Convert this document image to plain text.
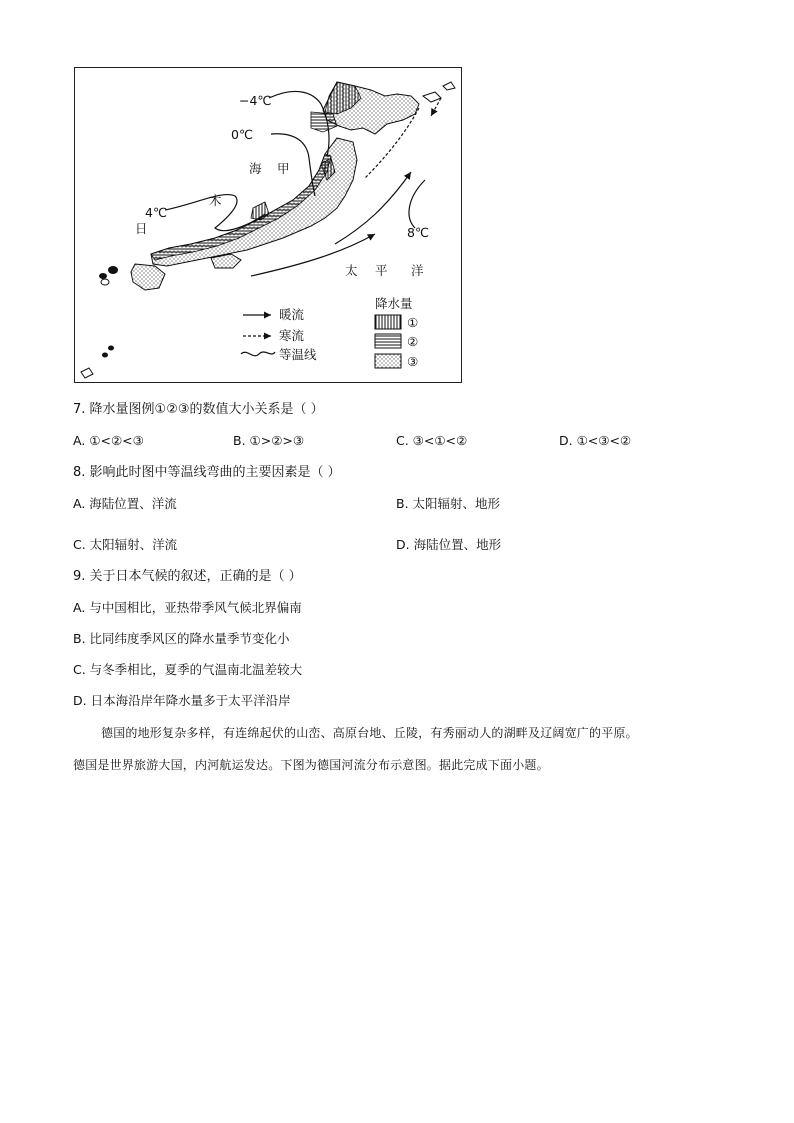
−4℃
0℃
4℃
8℃
海 甲
木
日
太 平 洋
暖流
寒流
等温线
降水量
①
②
③
7. 降水量图例①②③的数值大小关系是（ ）
A. ①<②<③	B. ①>②>③	C. ③<①<②	D. ①<③<②
8. 影响此时图中等温线弯曲的主要因素是（ ）
A. 海陆位置、洋流	B. 太阳辐射、地形
C. 太阳辐射、洋流	D. 海陆位置、地形
9. 关于日本气候的叙述，正确的是（ ）
A. 与中国相比，亚热带季风气候北界偏南
B. 比同纬度季风区的降水量季节变化小
C. 与冬季相比，夏季的气温南北温差较大
D. 日本海沿岸年降水量多于太平洋沿岸
德国的地形复杂多样，有连绵起伏的山峦、高原台地、丘陵，有秀丽动人的湖畔及辽阔宽广的平原。
德国是世界旅游大国，内河航运发达。下图为德国河流分布示意图。据此完成下面小题。
